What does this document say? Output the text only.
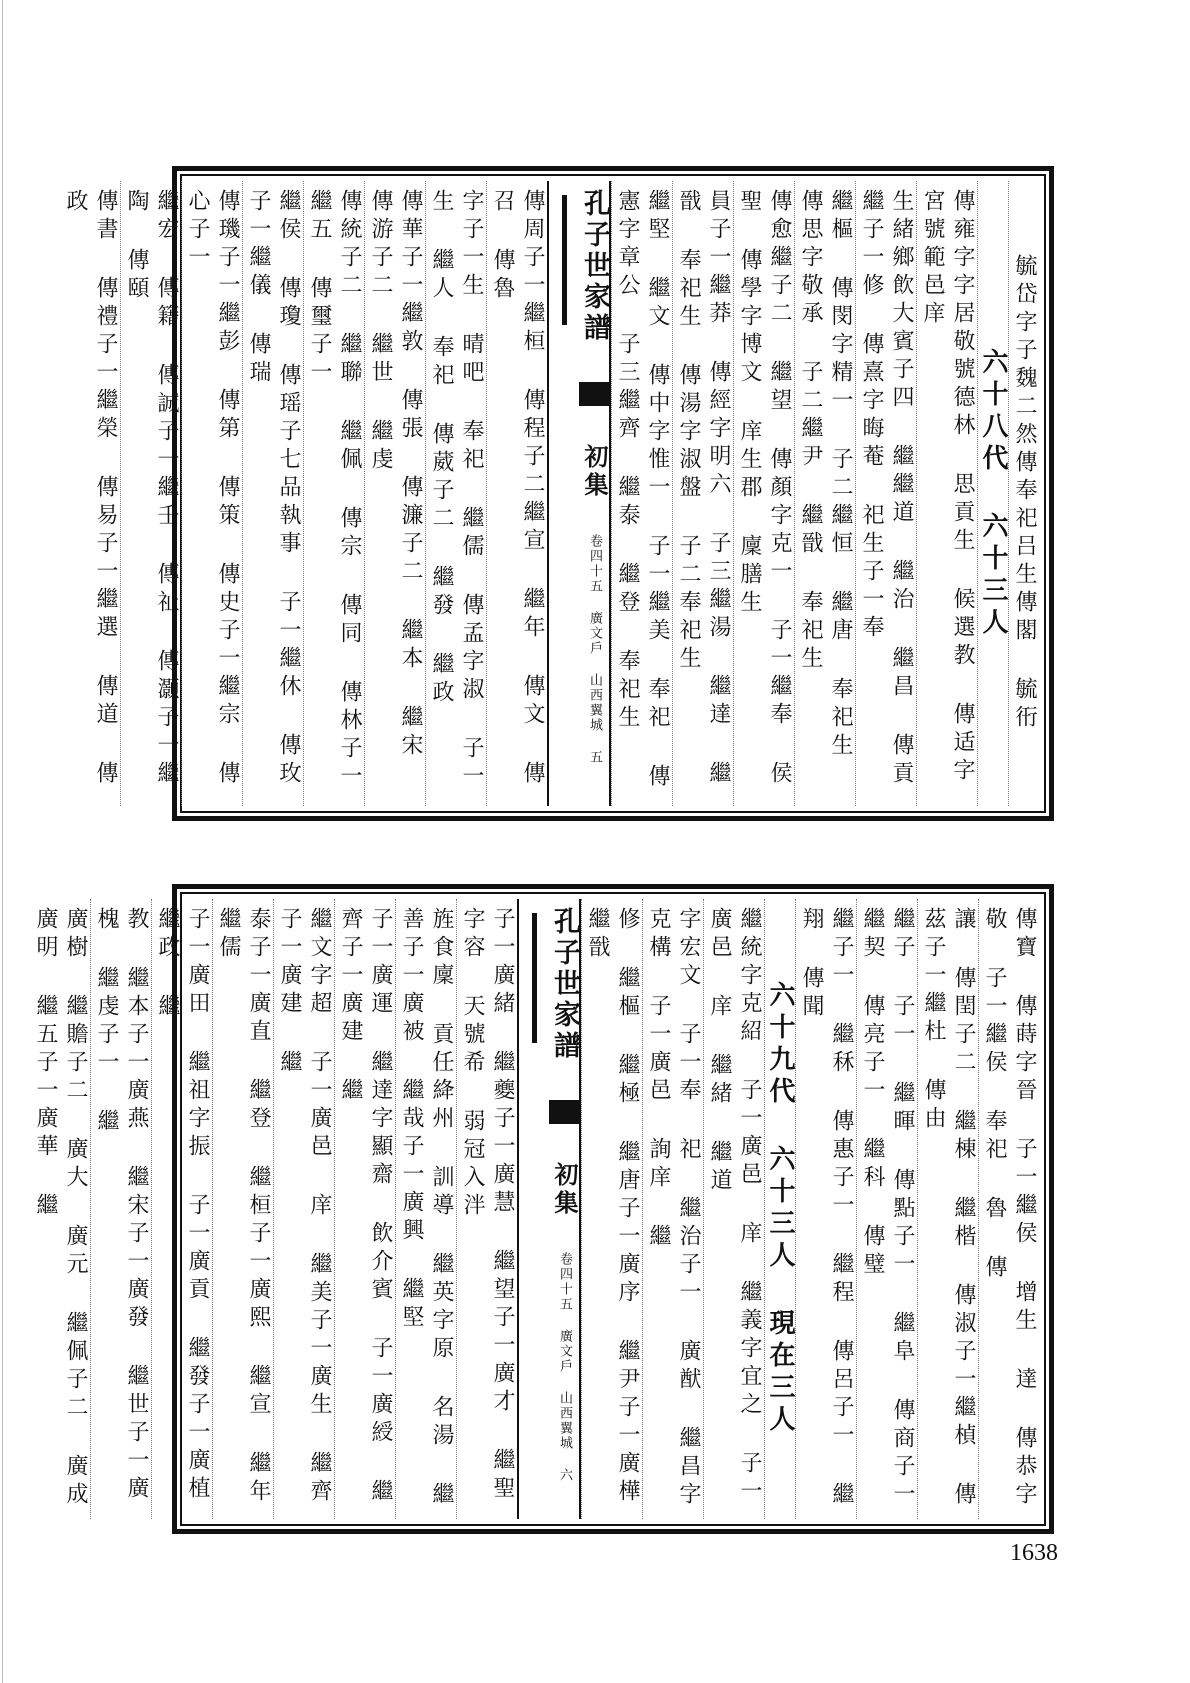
毓岱字子魏二然傳奉祀吕生傳閣 毓衎
六十八代 六十三人
傳雍字字居敬號德林 思貢生 候選教 傳适字宮號範邑庠
生緒鄉飲大賓子四 繼繼道 繼治 繼昌 傳貢繼子一修 傳熹字晦菴 祀生子一奉
繼樞 傳閔字精一 子二繼恒 繼唐 奉祀生 傳思字敬承 子二繼尹 繼戩 奉祀生
傳愈繼子二 繼望 傳顏字克一 子一繼奉 侯聖 傳學字博文 庠生郡 廩膳生
員子一繼莽 傳經字明六 子三繼湯 繼達 繼戩 奉祀生 傳湯字淑盤 子二奉祀生
繼堅 繼文 傳中字惟一 子一繼美 奉祀 傳憲字章公 子三繼齊 繼泰 繼登 奉祀生
孔子世家譜  初集 卷四十五 廣文戶 山西翼城 五
傳周子一繼桓 傳程子二繼宣 繼年 傳文 傳召 傳魯
字子一生 晴吧 奉祀 繼儒 傳孟字淑 子一生 繼人 奉祀 傳葳子二 繼發 繼政
傳華子一繼敦 傳張 傳濂子二 繼本 繼宋 傳游子二 繼世 繼虔
傳統子二 繼聯 繼佩 傳宗 傳同 傳林子一繼五 傳璽子一
繼侯 傳瓊 傳瑶子七品執事 子一繼休 傳玫子一繼儀 傳瑞
傳璣子一繼彭 傳第 傳策 傳史子一繼宗 傳心子一
繼宏 傳籍 傳誠子一繼壬 傳祉 傳灝子一繼陶 傳頤
傳書 傳禮子一繼榮 傳易子一繼選 傳道 傳政
傳寶 傳蒔字晉 子一繼侯 增生 達 傳恭字敬 子一繼侯 奉祀 魯 傳
讓 傳閏子二 繼棟 繼楷 傳淑子一繼楨 傳茲子一繼杜 傳由
繼子 子一 繼暉 傳點子一 繼阜 傳商子一 繼契 傳亮子一 繼科 傳璧
繼子一 繼秝 傳惠子一 繼程 傳呂子一 繼翔 傳聞
六十九代 六十三人 現在三人
繼統字克紹 子一廣邑 庠 繼義字宜之 子一廣邑 庠 繼緒 繼道
字宏文 子一奉 祀 繼治子一 廣猷 繼昌字克構 子一廣邑 詢庠 繼
修 繼樞 繼極 繼唐子一廣序 繼尹子一廣樺 繼戩
孔子世家譜  初集 卷四十五 廣文戶 山西翼城 六
子一廣緒 繼夔子一廣慧 繼望子一廣才 繼聖字容 天號希 弱冠入泮
旌食廩 貢任絳州 訓導 繼英字原 名湯 繼善子一廣被 繼哉子一廣興 繼堅
子一廣運 繼達字顯齋 飲介賓 子一廣綬 繼齊子一廣建 繼
繼文字超 子一廣邑 庠 繼美子一廣生 繼齊子一廣建 繼
泰子一廣直 繼登 繼桓子一廣熙 繼宣 繼年 繼儒
子一廣田 繼祖字振 子一廣貢 繼發子一廣植 繼政 繼
教 繼本子一廣燕 繼宋子一廣發 繼世子一廣槐 繼虔子一 繼
廣樹 繼贍子二 廣大 廣元 繼佩子二 廣成 廣明 繼五子一廣華 繼
1638
